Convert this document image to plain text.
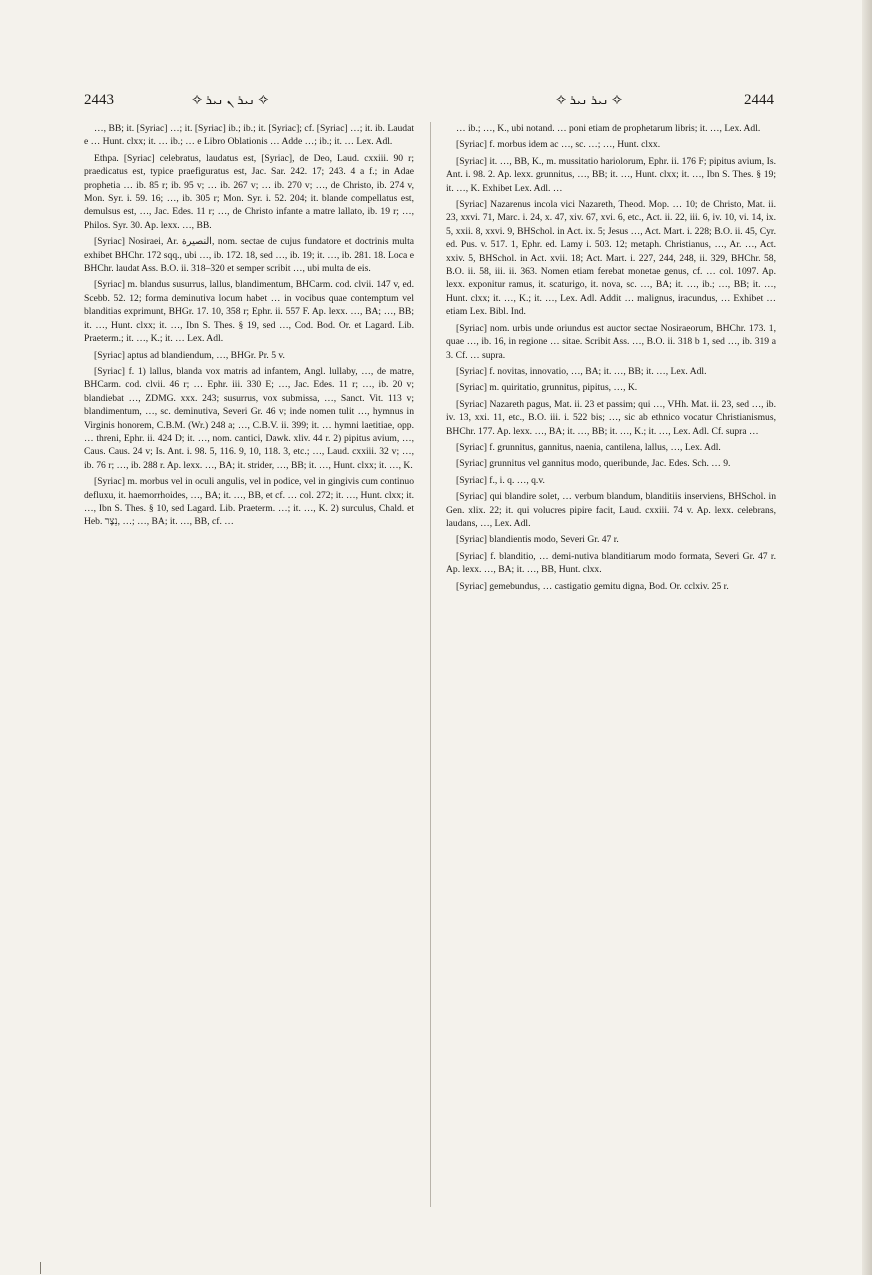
2443	✧ ܢܝܪ ܢ ܢܝܪ ✧	✧ ܢܝܪ ܢܝܪ ✧	2444

…, BB; it. [Syriac] …; it. [Syriac] ib.; ib.; it. [Syriac]; cf. [Syriac] …; it. ib. Laudat e … Hunt. clxx; it. … ib.; … e Libro Oblationis … Adde …; ib.; it. … Lex. Adl.

Ethpa. [Syriac] celebratus, laudatus est, [Syriac], de Deo, Laud. cxxiii. 90 r; praedicatus est, typice praefiguratus est, Jac. Sar. 242. 17; 243. 4 a f.; in Adae prophetia … ib. 85 r; ib. 95 v; … ib. 267 v; … ib. 270 v; …, de Christo, ib. 274 v, Mon. Syr. i. 59. 16; …, ib. 305 r; Mon. Syr. i. 52. 204; it. blande compellatus est, demulsus est, …, Jac. Edes. 11 r; …, de Christo infante a matre lallato, ib. 19 r; …, Philos. Syr. 30. Ap. lexx. …, BB.

[Syriac] Nosiraei, Ar. النصيرة, nom. sectae de cujus fundatore et doctrinis multa exhibet BHChr. 172 sqq., ubi …, ib. 172. 18, sed …, ib. 19; it. …, ib. 281. 18. Loca e BHChr. laudat Ass. B.O. ii. 318–320 et semper scribit …, ubi multa de eis.

[Syriac] m. blandus susurrus, lallus, blandimentum, BHCarm. cod. clvii. 147 v, ed. Scebb. 52. 12; forma deminutiva locum habet … in vocibus quae contemptum vel blanditias exprimunt, BHGr. 17. 10, 358 r; Ephr. ii. 557 F. Ap. lexx. …, BA; …, BB; it. …, Hunt. clxx; it. …, Ibn S. Thes. § 19, sed …, Cod. Bod. Or. et Lagard. Lib. Praeterm.; it. …, K.; it. … Lex. Adl.

[Syriac] aptus ad blandiendum, …, BHGr. Pr. 5 v.

[Syriac] f. 1) lallus, blanda vox matris ad infantem, Angl. lullaby, …, de matre, BHCarm. cod. clvii. 46 r; … Ephr. iii. 330 E; …, Jac. Edes. 11 r; …, ib. 20 v; blandiebat …, ZDMG. xxx. 243; susurrus, vox submissa, …, Sanct. Vit. 113 v; blandimentum, …, sc. deminutiva, Severi Gr. 46 v; inde nomen tulit …, hymnus in Virginis honorem, C.B.M. (Wr.) 248 a; …, C.B.V. ii. 399; it. … hymni laetitiae, opp. … threni, Ephr. ii. 424 D; it. …, nom. cantici, Dawk. xliv. 44 r. 2) pipitus avium, …, Caus. Caus. 24 v; Is. Ant. i. 98. 5, 116. 9, 10, 118. 3, etc.; …, Laud. cxxiii. 32 v; …, ib. 76 r; …, ib. 288 r. Ap. lexx. …, BA; it. strider, …, BB; it. …, Hunt. clxx; it. …, K.

[Syriac] m. morbus vel in oculi angulis, vel in podice, vel in gingivis cum continuo defluxu, it. haemorrhoides, …, BA; it. …, BB, et cf. … col. 272; it. …, Hunt. clxx; it. …, Ibn S. Thes. § 10, sed Lagard. Lib. Praeterm. …; it. …, K. 2) surculus, Chald. et Heb. נֵצֶר, …; …, BA; it. …, BB, cf. …

… ib.; …, K., ubi notand. … poni etiam de prophetarum libris; it. …, Lex. Adl.

[Syriac] f. morbus idem ac …, sc. …; …, Hunt. clxx.

[Syriac] it. …, BB, K., m. mussitatio hariolorum, Ephr. ii. 176 F; pipitus avium, Is. Ant. i. 98. 2. Ap. lexx. grunnitus, …, BB; it. …, Hunt. clxx; it. …, Ibn S. Thes. § 19; it. …, K. Exhibet Lex. Adl. …

[Syriac] Nazarenus incola vici Nazareth, Theod. Mop. … 10; de Christo, Mat. ii. 23, xxvi. 71, Marc. i. 24, x. 47, xiv. 67, xvi. 6, etc., Act. ii. 22, iii. 6, iv. 10, vi. 14, ix. 5, xxii. 8, xxvi. 9, BHSchol. in Act. ix. 5; Jesus …, Act. Mart. i. 228; B.O. ii. 45, Cyr. ed. Pus. v. 517. 1, Ephr. ed. Lamy i. 503. 12; metaph. Christianus, …, Ar. …, Act. xxiv. 5, BHSchol. in Act. xvii. 18; Act. Mart. i. 227, 244, 248, ii. 329, BHChr. 58, B.O. ii. 58, iii. ii. 363. Nomen etiam ferebat monetae genus, cf. … col. 1097. Ap. lexx. exponitur ramus, it. scaturigo, it. nova, sc. …, BA; it. …, ib.; …, BB; it. …, Hunt. clxx; it. …, K.; it. …, Lex. Adl. Addit … malignus, iracundus, … Exhibet … etiam Lex. Bibl. Ind.

[Syriac] nom. urbis unde oriundus est auctor sectae Nosiraeorum, BHChr. 173. 1, quae …, ib. 16, in regione … sitae. Scribit Ass. …, B.O. ii. 318 b 1, sed …, ib. 319 a 3. Cf. … supra.

[Syriac] f. novitas, innovatio, …, BA; it. …, BB; it. …, Lex. Adl.

[Syriac] m. quiritatio, grunnitus, pipitus, …, K.

[Syriac] Nazareth pagus, Mat. ii. 23 et passim; qui …, VHh. Mat. ii. 23, sed …, ib. iv. 13, xxi. 11, etc., B.O. iii. i. 522 bis; …, sic ab ethnico vocatur Christianismus, BHChr. 177. Ap. lexx. …, BA; it. …, BB; it. …, K.; it. …, Lex. Adl. Cf. supra …

[Syriac] f. grunnitus, gannitus, naenia, cantilena, lallus, …, Lex. Adl.

[Syriac] grunnitus vel gannitus modo, queribunde, Jac. Edes. Sch. … 9.

[Syriac] f., i. q. …, q.v.

[Syriac] qui blandire solet, … verbum blandum, blanditiis inserviens, BHSchol. in Gen. xlix. 22; it. qui volucres pipire facit, Laud. cxxiii. 74 v. Ap. lexx. celebrans, laudans, …, Lex. Adl.

[Syriac] blandientis modo, Severi Gr. 47 r.

[Syriac] f. blanditio, … demi-nutiva blanditiarum modo formata, Severi Gr. 47 r. Ap. lexx. …, BA; it. …, BB, Hunt. clxx.

[Syriac] gemebundus, … castigatio gemitu digna, Bod. Or. cclxiv. 25 r.
